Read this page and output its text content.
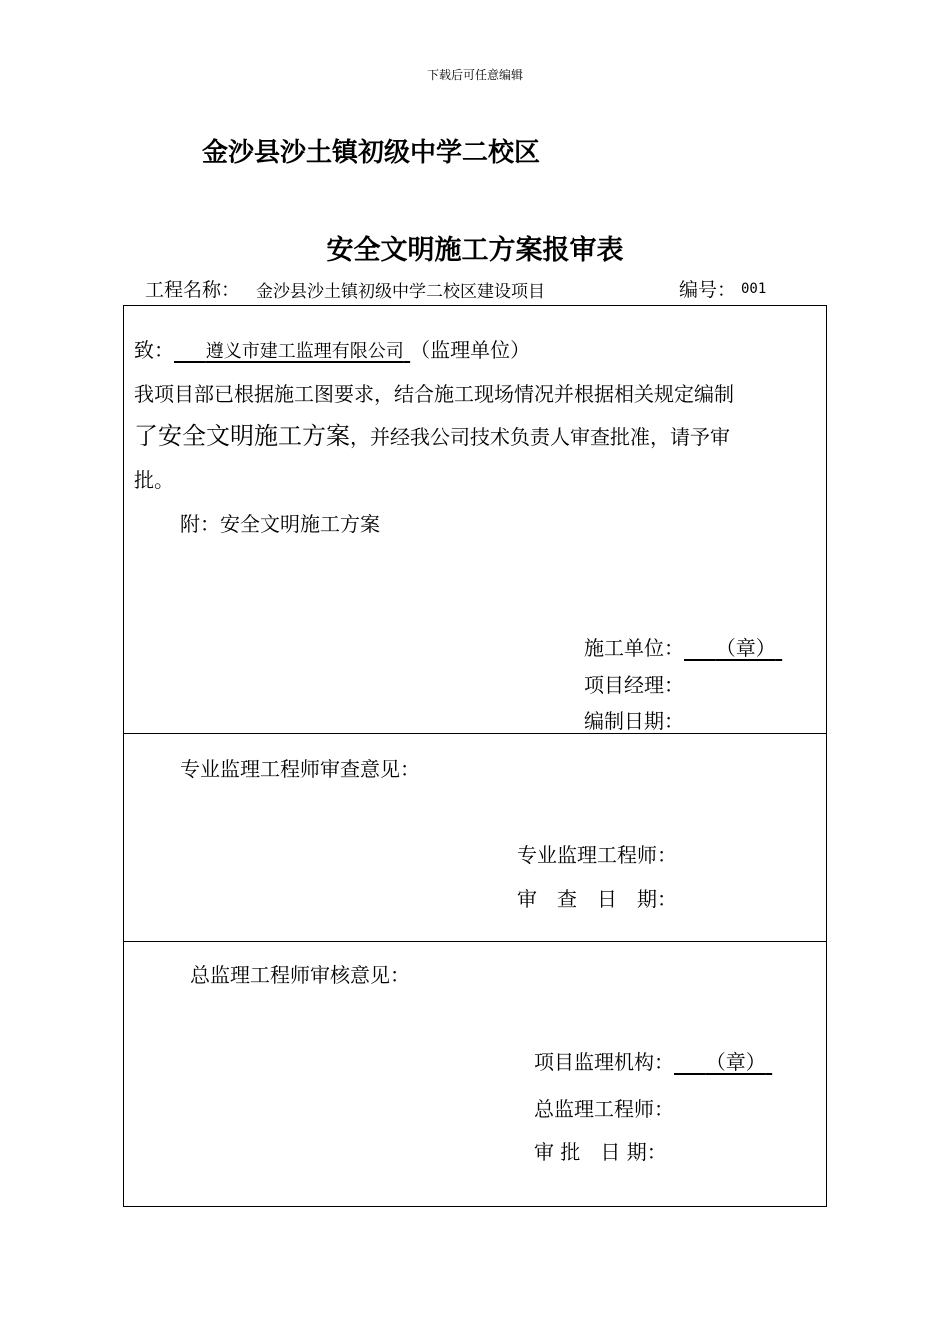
下载后可任意编辑
金沙县沙土镇初级中学二校区
安全文明施工方案报审表
工程名称： 金沙县沙土镇初级中学二校区建设项目	编号： 001
致： 遵义市建工监理有限公司 （监理单位）
我项目部已根据施工图要求，结合施工现场情况并根据相关规定编制
了安全文明施工方案，并经我公司技术负责人审查批准，请予审
批。
附：安全文明施工方案
施工单位： （章）
项目经理：
编制日期：
专业监理工程师审查意见：
专业监理工程师：
审　查　日　期：
总监理工程师审核意见：
项目监理机构： （章）
总监理工程师：
审 批　日 期：
